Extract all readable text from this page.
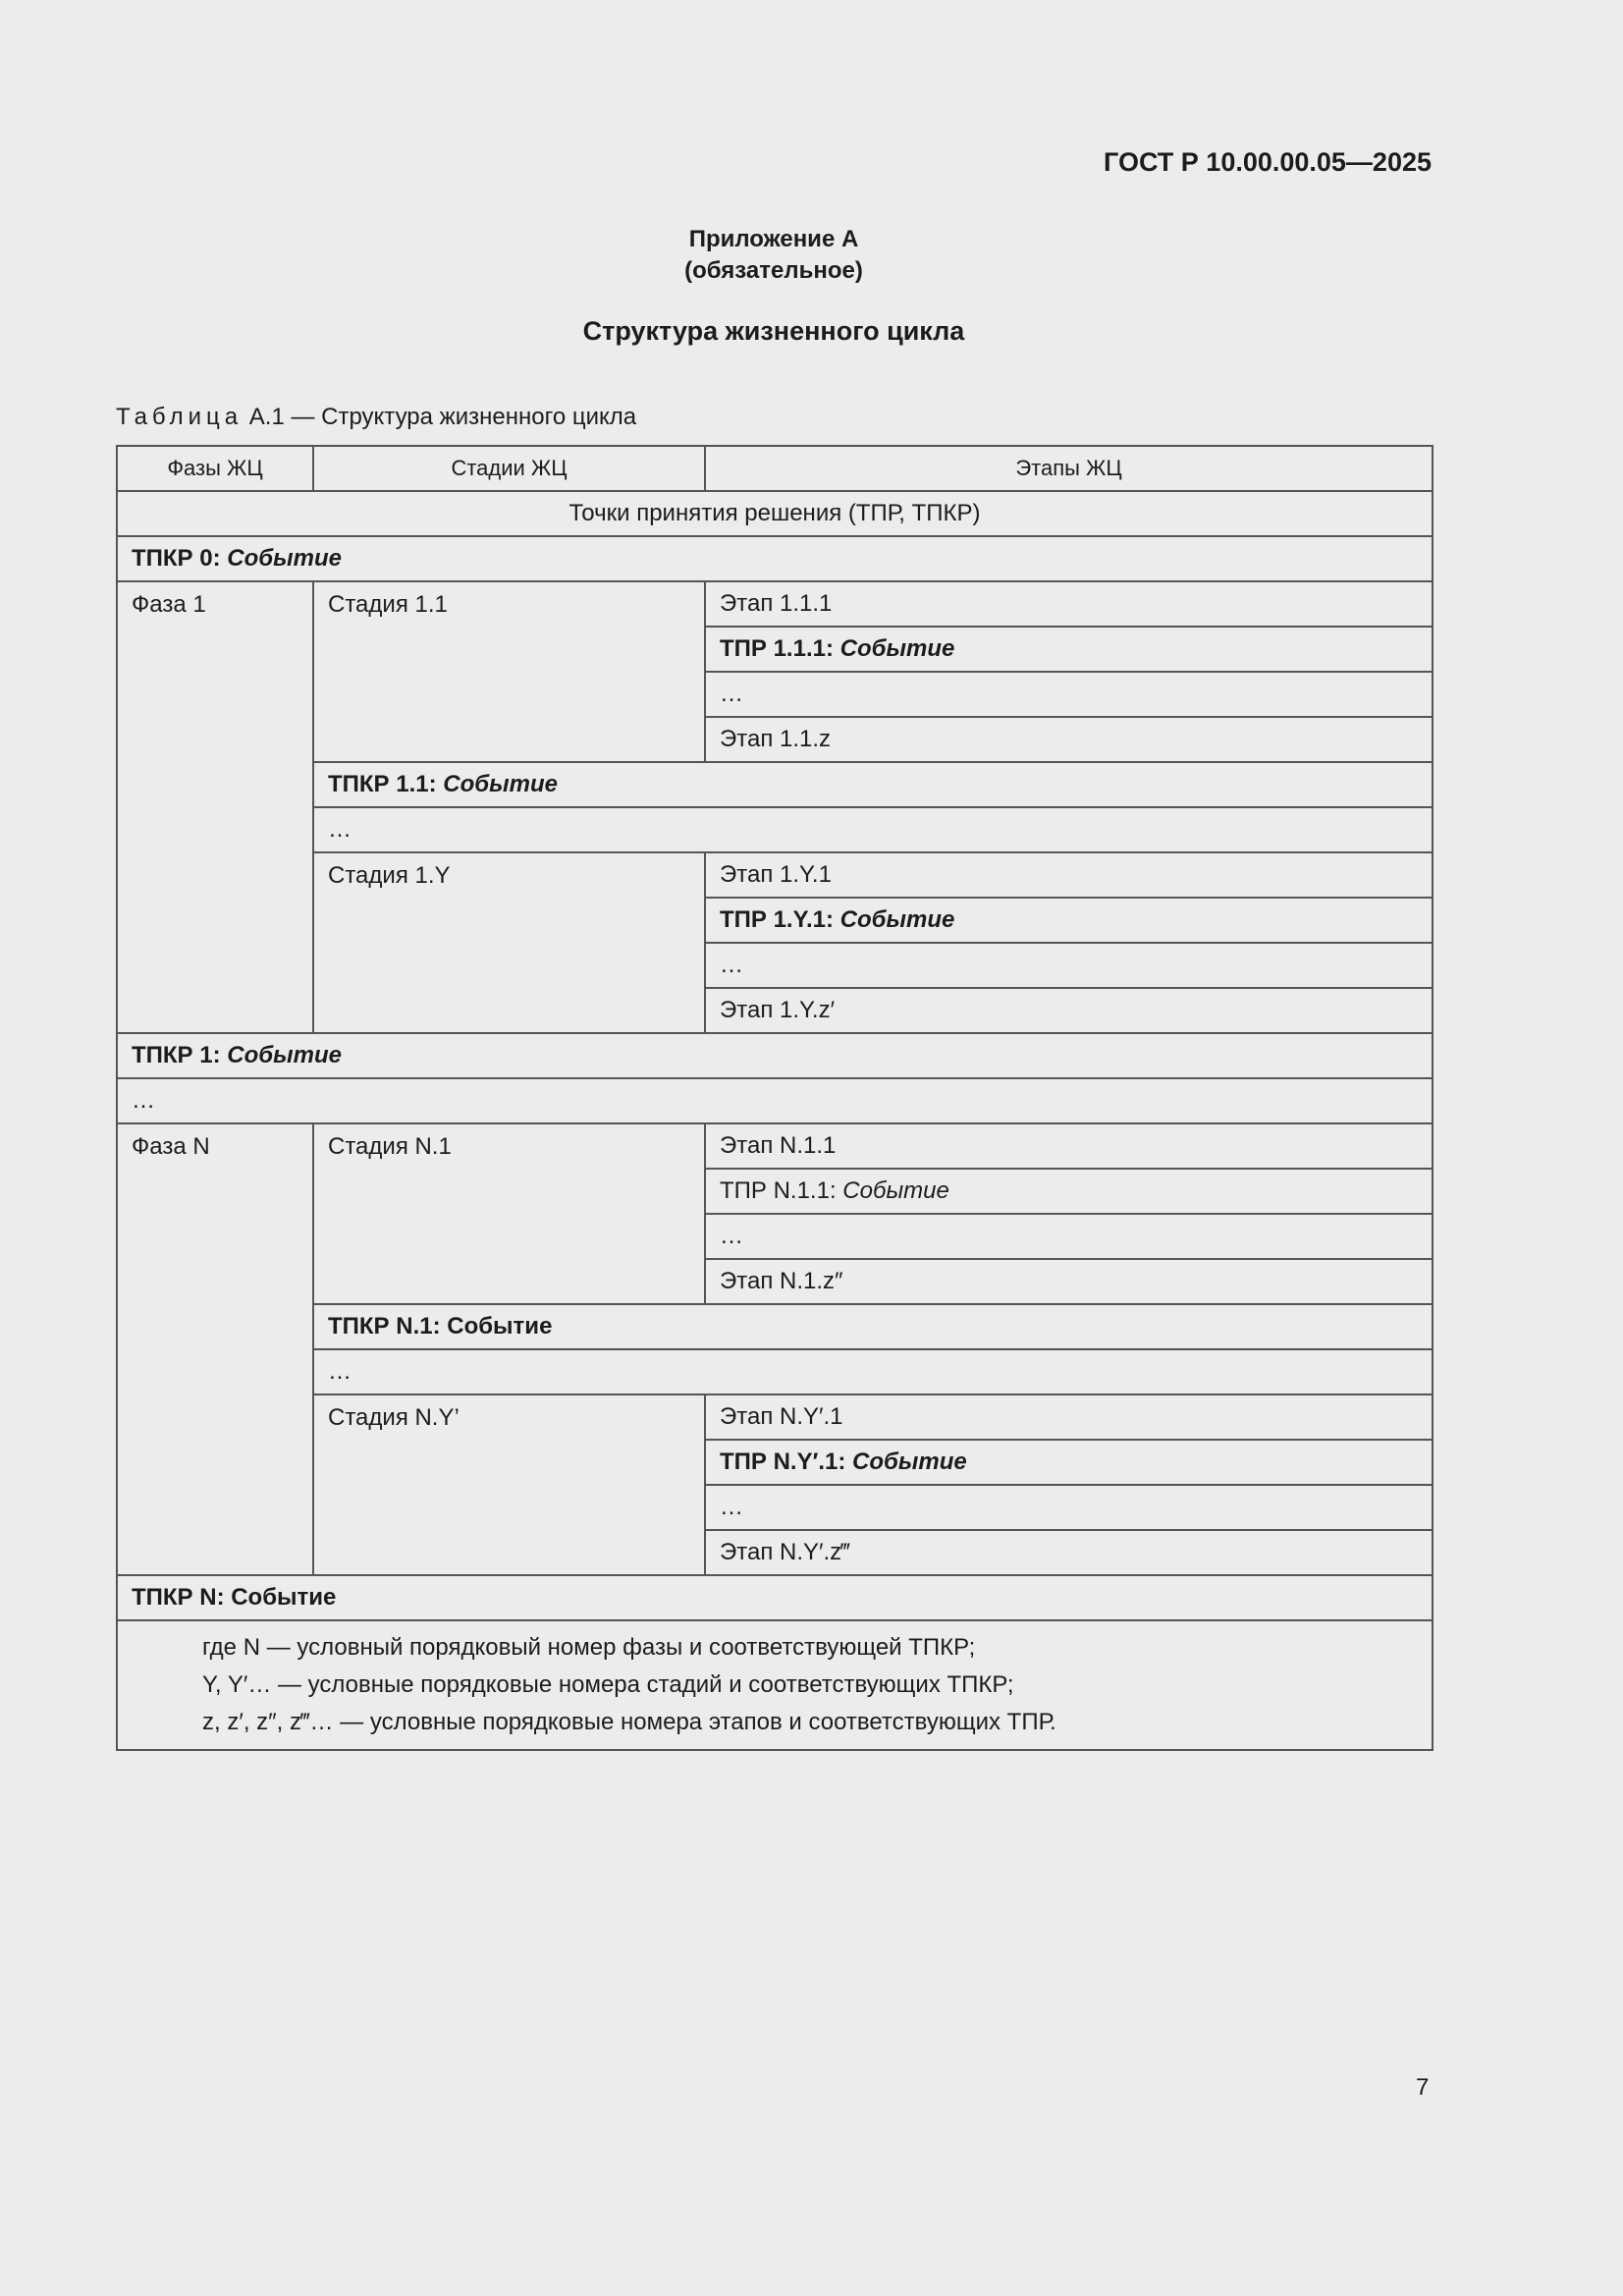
ГОСТ Р 10.00.00.05—2025
Приложение А
(обязательное)
Структура жизненного цикла
Таблица А.1 — Структура жизненного цикла
Фазы ЖЦ	Стадии ЖЦ	Этапы ЖЦ
Точки принятия решения (ТПР, ТПКР)		
ТПКР 0: Событие		
Фаза 1	Стадия 1.1	Этап 1.1.1
		ТПР 1.1.1: Событие
		…
		Этап 1.1.z
	ТПКР 1.1: Событие	
	…	
	Стадия 1.Y	Этап 1.Y.1
		ТПР 1.Y.1: Событие
		…
		Этап 1.Y.z′
ТПКР 1: Событие		
…		
Фаза N	Стадия N.1	Этап N.1.1
		ТПР N.1.1: Событие
		…
		Этап N.1.z″
	ТПКР N.1: Событие	
	…	
	Стадия N.Y’	Этап N.Y′.1
		ТПР N.Y′.1: Событие
		…
		Этап N.Y′.z‴
ТПКР N: Событие		

где N — условный порядковый номер фазы и соответствующей ТПКР;
Y, Y′… — условные порядковые номера стадий и соответствующих ТПКР;
z, z′, z″, z‴… — условные порядковые номера этапов и соответствующих ТПР.		
7
